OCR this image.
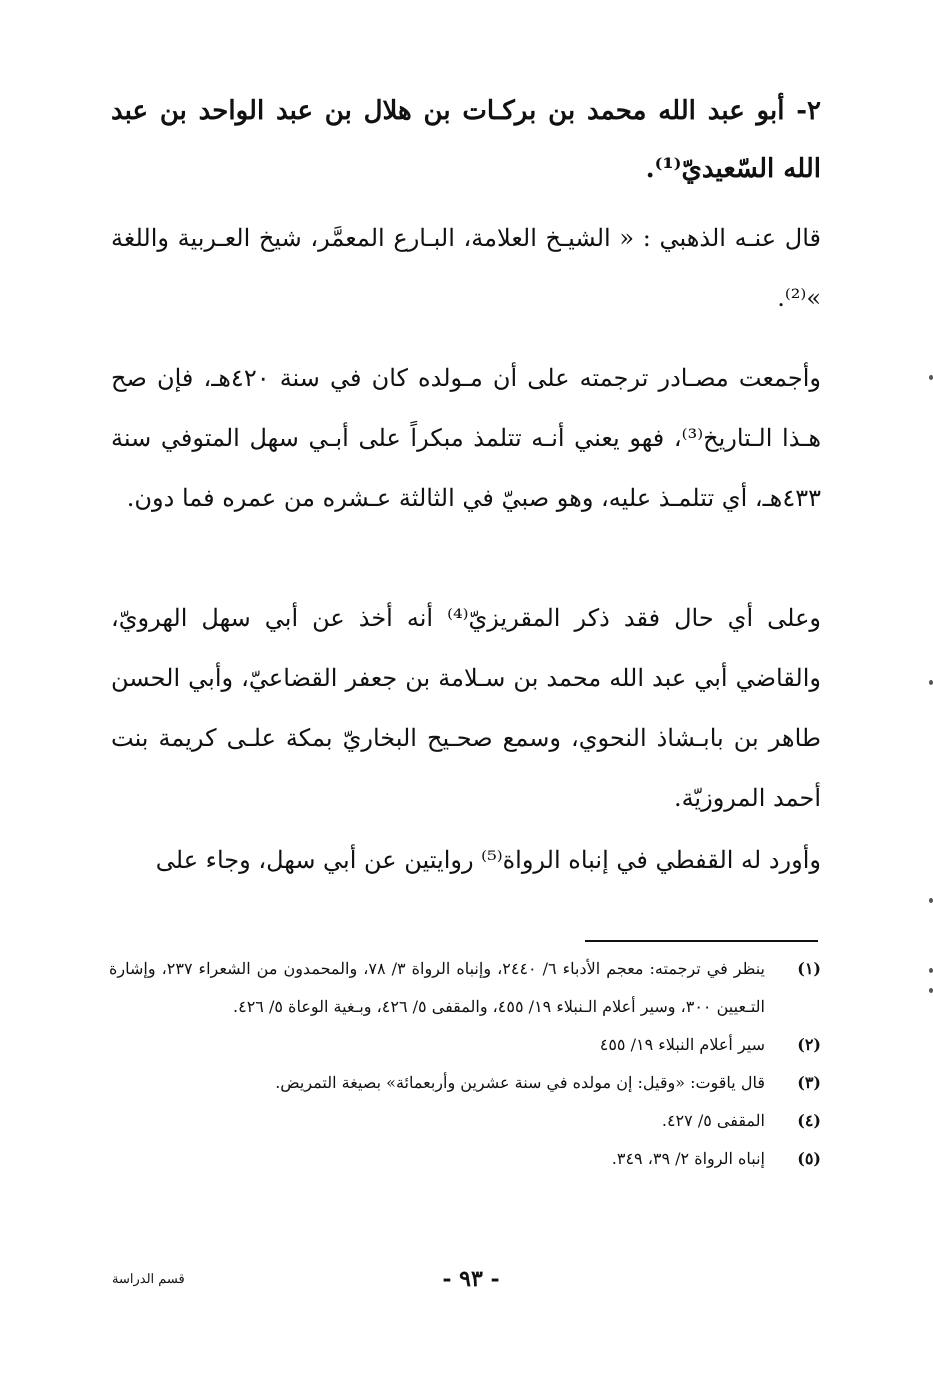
٢- أبو عبد الله محمد بن بركـات بن هلال بن عبد الواحد بن عبد الله السّعيديّ⁽¹⁾.
قال عنـه الذهبي : « الشيـخ العلامة، البـارع المعمَّر، شيخ العـربية واللغة »⁽²⁾.
وأجمعت مصـادر ترجمته على أن مـولده كان في سنة ٤٢٠هـ، فإن صح هـذا الـتاريخ⁽³⁾، فهو يعني أنـه تتلمذ مبكراً على أبـي سهل المتوفي سنة ٤٣٣هـ، أي تتلمـذ عليه، وهو صبيّ في الثالثة عـشره من عمره فما دون.
وعلى أي حال فقد ذكر المقريزيّ⁽⁴⁾ أنه أخذ عن أبي سهل الهرويّ، والقاضي أبي عبد الله محمد بن سـلامة بن جعفر القضاعيّ، وأبي الحسن طاهر بن بابـشاذ النحوي، وسمع صحـيح البخاريّ بمكة علـى كريمة بنت أحمد المروزيّة.
وأورد له القفطي في إنباه الرواة⁽⁵⁾ روايتين عن أبي سهل، وجاء على
(١)
ينظر في ترجمته: معجم الأدباء ٦/ ٢٤٤٠، وإنباه الرواة ٣/ ٧٨، والمحمدون من الشعراء ٢٣٧، وإشارة التـعيين ٣٠٠، وسير أعلام الـنبلاء ١٩/ ٤٥٥، والمقفى ٥/ ٤٢٦، وبـغية الوعاة ٥/ ٤٢٦.
(٢)
سير أعلام النبلاء ١٩/ ٤٥٥
(٣)
قال ياقوت: «وقيل: إن مولده في سنة عشرين وأربعمائة» بصيغة التمريض.
(٤)
المقفى ٥/ ٤٢٧.
(٥)
إنباه الرواة ٢/ ٣٩، ٣٤٩.
- ٩٣ -
قسم الدراسة
